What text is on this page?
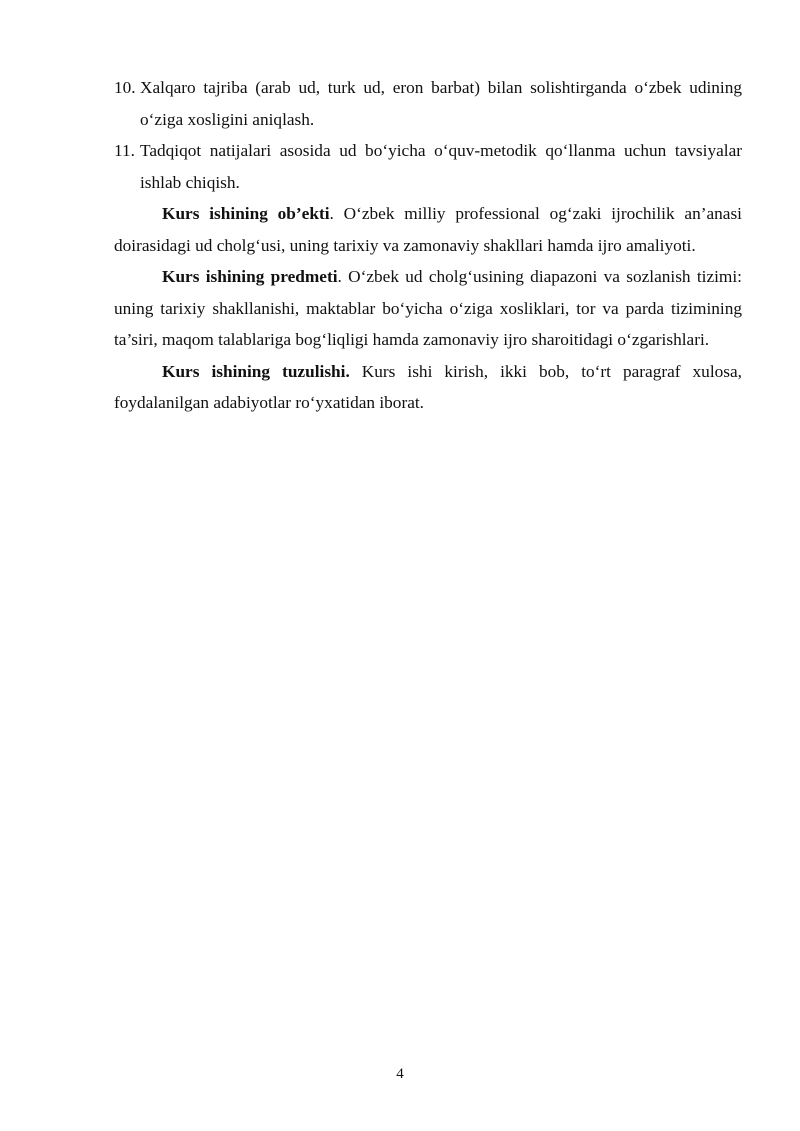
10. Xalqaro tajriba (arab ud, turk ud, eron barbat) bilan solishtirganda o‘zbek udining o‘ziga xosligini aniqlash.
11. Tadqiqot natijalari asosida ud bo‘yicha o‘quv-metodik qo‘llanma uchun tavsiyalar ishlab chiqish.

Kurs ishining ob’ekti. O‘zbek milliy professional og‘zaki ijrochilik an’anasi doirasidagi ud cholg‘usi, uning tarixiy va zamonaviy shakllari hamda ijro amaliyoti.

Kurs ishining predmeti. O‘zbek ud cholg‘usining diapazoni va sozlanish tizimi: uning tarixiy shakllanishi, maktablar bo‘yicha o‘ziga xosliklari, tor va parda tizimining ta’siri, maqom talablariga bog‘liqligi hamda zamonaviy ijro sharoitidagi o‘zgarishlari.

Kurs ishining tuzulishi. Kurs ishi kirish, ikki bob, to‘rt paragraf xulosa, foydalanilgan adabiyotlar ro‘yxatidan iborat.

4
